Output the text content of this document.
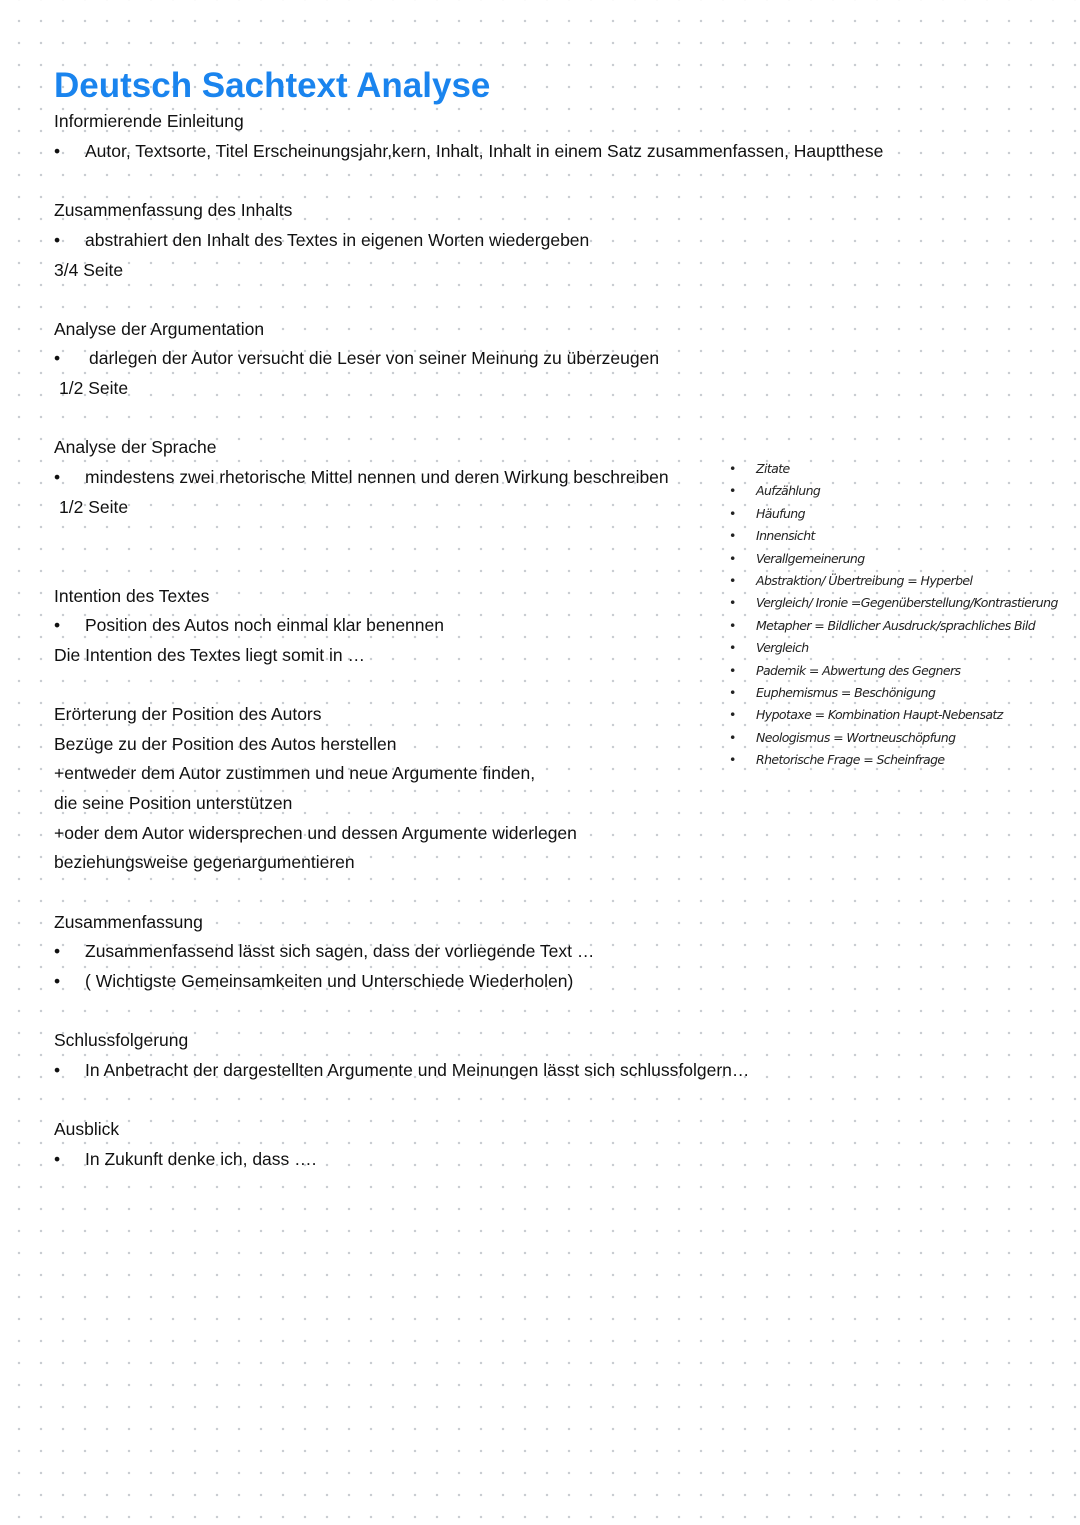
Deutsch Sachtext Analyse
Informierende Einleitung
• Autor, Textsorte, Titel Erscheinungsjahr,kern, Inhalt, Inhalt in einem Satz zusammenfassen, Hauptthese
Zusammenfassung des Inhalts
• abstrahiert den Inhalt des Textes in eigenen Worten wiedergeben
3/4 Seite
Analyse der Argumentation
• darlegen der Autor versucht die Leser von seiner Meinung zu überzeugen
1/2 Seite
Analyse der Sprache
• mindestens zwei rhetorische Mittel nennen und deren Wirkung beschreiben
1/2 Seite
Intention des Textes
• Position des Autos noch einmal klar benennen
Die Intention des Textes liegt somit in …
Erörterung der Position des Autors
Bezüge zu der Position des Autos herstellen
+entweder dem Autor zustimmen und neue Argumente finden,
die seine Position unterstützen
+oder dem Autor widersprechen und dessen Argumente widerlegen
beziehungsweise gegenargumentieren
Zusammenfassung
• Zusammenfassend lässt sich sagen, dass der vorliegende Text …
• ( Wichtigste Gemeinsamkeiten und Unterschiede Wiederholen)
Schlussfolgerung
• In Anbetracht der dargestellten Argumente und Meinungen lässt sich schlussfolgern…
Ausblick
• In Zukunft denke ich, dass ….
• Zitate
• Aufzählung
• Häufung
• Innensicht
• Verallgemeinerung
• Abstraktion/ Übertreibung = Hyperbel
• Vergleich/ Ironie =Gegenüberstellung/Kontrastierung
• Metapher = Bildlicher Ausdruck/sprachliches Bild
• Vergleich
• Pademik = Abwertung des Gegners
• Euphemismus = Beschönigung
• Hypotaxe = Kombination Haupt-Nebensatz
• Neologismus = Wortneuschöpfung
• Rhetorische Frage = Scheinfrage
